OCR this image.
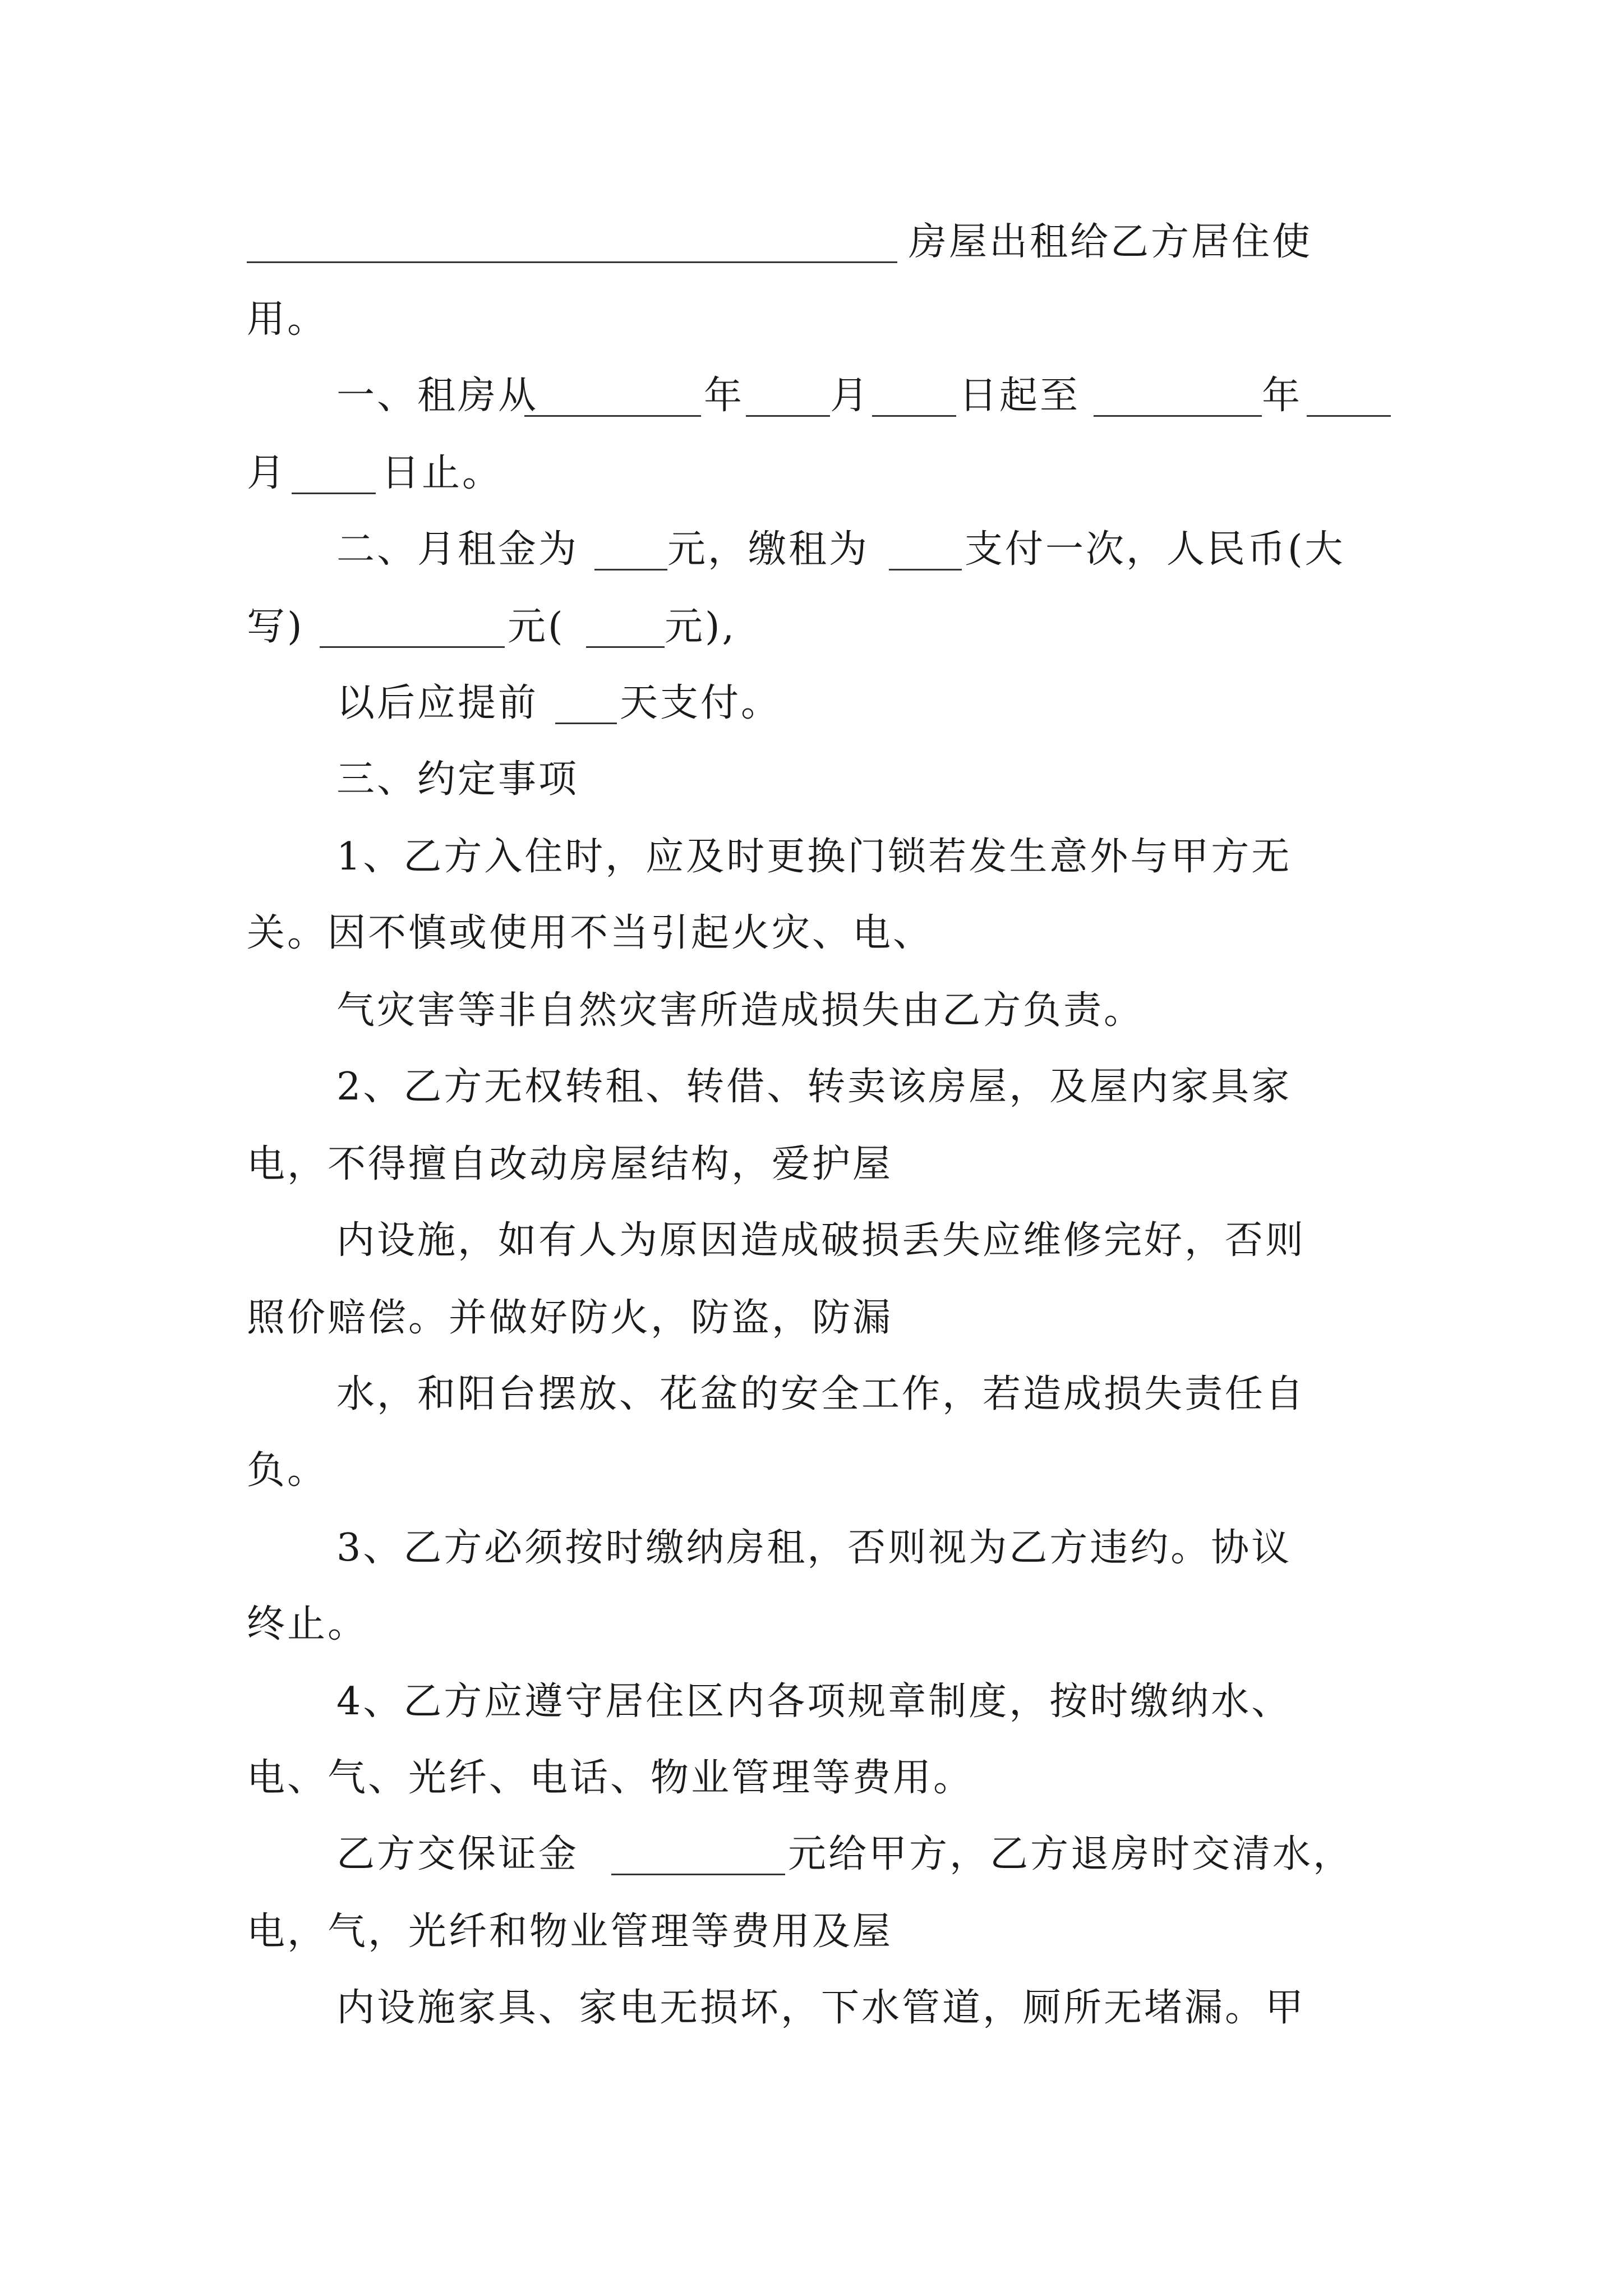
房屋出租给乙方居住使
用。
一、租房从	年 月 日起至	年
月 日止。
二、月租金为 元，缴租为 支付一次，人民币(大
写)	元(	元),
以后应提前 天支付。
三、约定事项
1、乙方入住时，应及时更换门锁若发生意外与甲方无
关。因不慎或使用不当引起火灾、电、
气灾害等非自然灾害所造成损失由乙方负责。
2、乙方无权转租、转借、转卖该房屋，及屋内家具家
电，不得擅自改动房屋结构，爱护屋
内设施，如有人为原因造成破损丢失应维修完好，否则
照价赔偿。并做好防火，防盗，防漏
水，和阳台摆放、花盆的安全工作，若造成损失责任自
负。
3、乙方必须按时缴纳房租，否则视为乙方违约。协议
终止。
4、乙方应遵守居住区内各项规章制度，按时缴纳水、
电、气、光纤、电话、物业管理等费用。
乙方交保证金	元给甲方，乙方退房时交清水，
电，气，光纤和物业管理等费用及屋
内设施家具、家电无损坏，下水管道，厕所无堵漏。甲
